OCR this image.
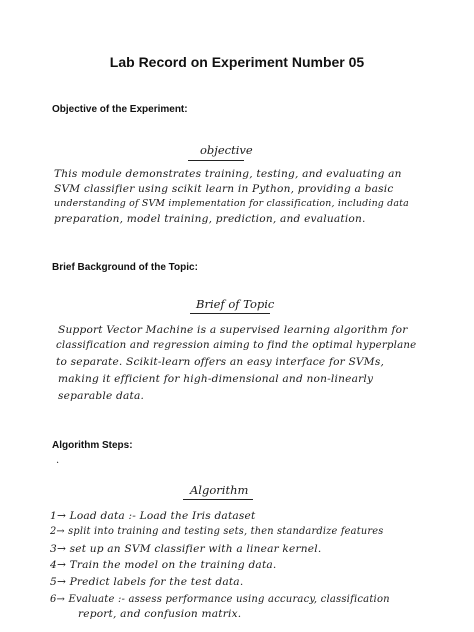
Lab Record on Experiment Number 05
Objective of the Experiment:
objective
This module demonstrates training, testing, and evaluating an
SVM classifier using scikit learn in Python, providing a basic
understanding of SVM implementation for classification, including data
preparation, model training, prediction, and evaluation.
Brief Background of the Topic:
Brief of Topic
Support Vector Machine is a supervised learning algorithm for
classification and regression aiming to find the optimal hyperplane
to separate. Scikit-learn offers an easy interface for SVMs,
making it efficient for high-dimensional and non-linearly
separable data.
Algorithm Steps:
·
Algorithm
1→ Load data :- Load the Iris dataset
2→ split into training and testing sets, then standardize features
3→ set up an SVM classifier with a linear kernel.
4→ Train the model on the training data.
5→ Predict labels for the test data.
6→ Evaluate :- assess performance using accuracy, classification
report, and confusion matrix.
